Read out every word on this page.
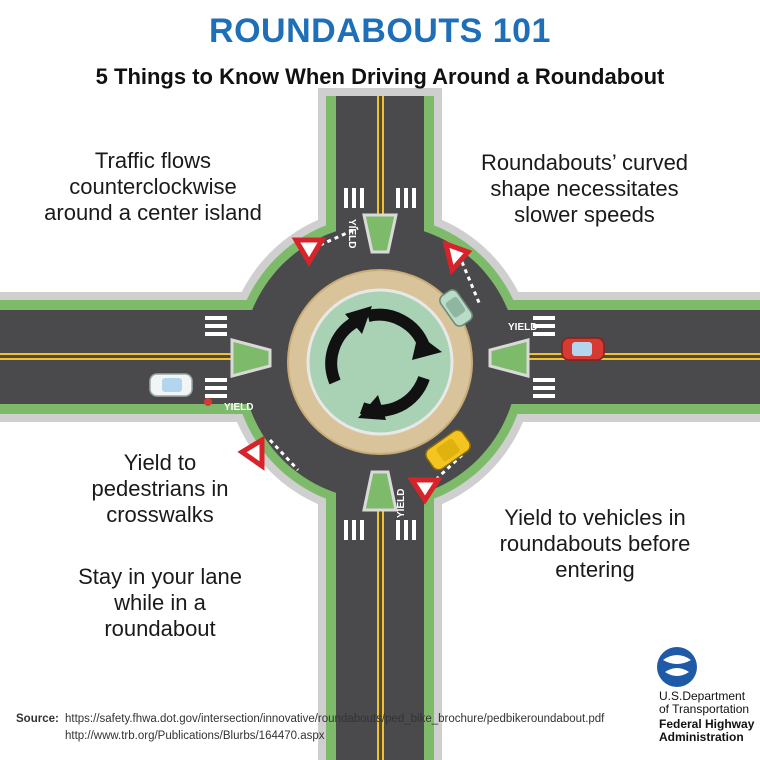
YIELD
YIELD
YIELD
YIELD
ROUNDABOUTS 101
5 Things to Know When Driving Around a Roundabout
Traffic flows
counterclockwise
around a center island
Roundabouts’ curved
shape necessitates
slower speeds
Yield to
pedestrians in
crosswalks	Yield to vehicles in
roundabouts before
entering
Stay in your lane
while in a
roundabout
Source: https://safety.fhwa.dot.gov/intersection/innovative/roundabouts/ped_bike_brochure/pedbikeroundabout.pdf
http://www.trb.org/Publications/Blurbs/164470.aspx
U.S.Department
of Transportation
Federal Highway
Administration
